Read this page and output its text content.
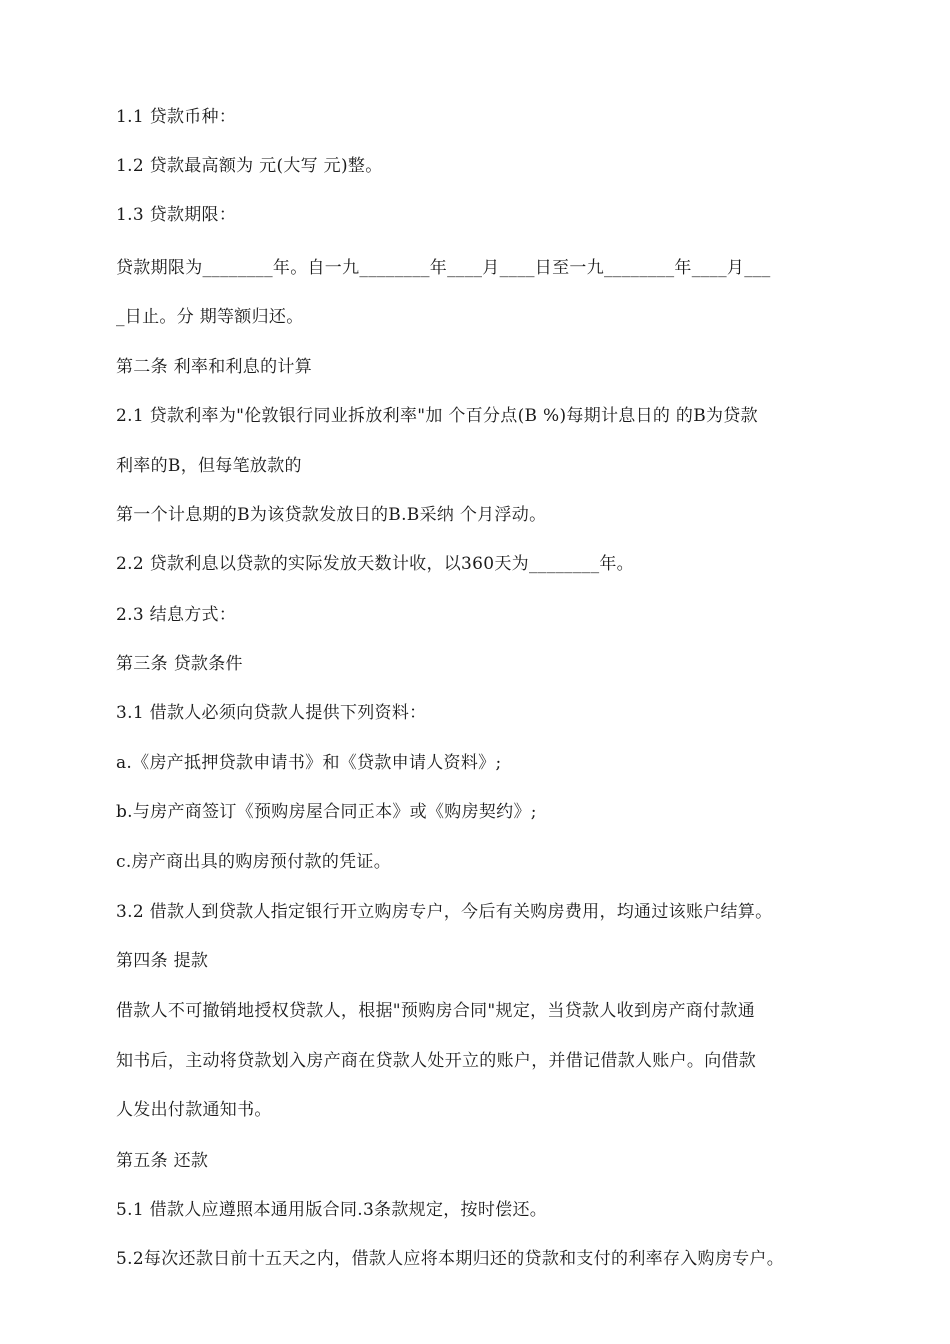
1.1 贷款币种：
1.2 贷款最高额为 元(大写 元)整。
1.3 贷款期限：
贷款期限为________年。自一九________年____月____日至一九________年____月___
_日止。分 期等额归还。
第二条 利率和利息的计算
2.1 贷款利率为"伦敦银行同业拆放利率"加 个百分点(B %)每期计息日的 的B为贷款
利率的B，但每笔放款的
第一个计息期的B为该贷款发放日的B.B采纳 个月浮动。
2.2 贷款利息以贷款的实际发放天数计收，以360天为________年。
2.3 结息方式：
第三条 贷款条件
3.1 借款人必须向贷款人提供下列资料：
a.《房产抵押贷款申请书》和《贷款申请人资料》;
b.与房产商签订《预购房屋合同正本》或《购房契约》;
c.房产商出具的购房预付款的凭证。
3.2 借款人到贷款人指定银行开立购房专户，今后有关购房费用，均通过该账户结算。
第四条 提款
借款人不可撤销地授权贷款人，根据"预购房合同"规定，当贷款人收到房产商付款通
知书后，主动将贷款划入房产商在贷款人处开立的账户，并借记借款人账户。向借款
人发出付款通知书。
第五条 还款
5.1 借款人应遵照本通用版合同.3条款规定，按时偿还。
5.2每次还款日前十五天之内，借款人应将本期归还的贷款和支付的利率存入购房专户。
